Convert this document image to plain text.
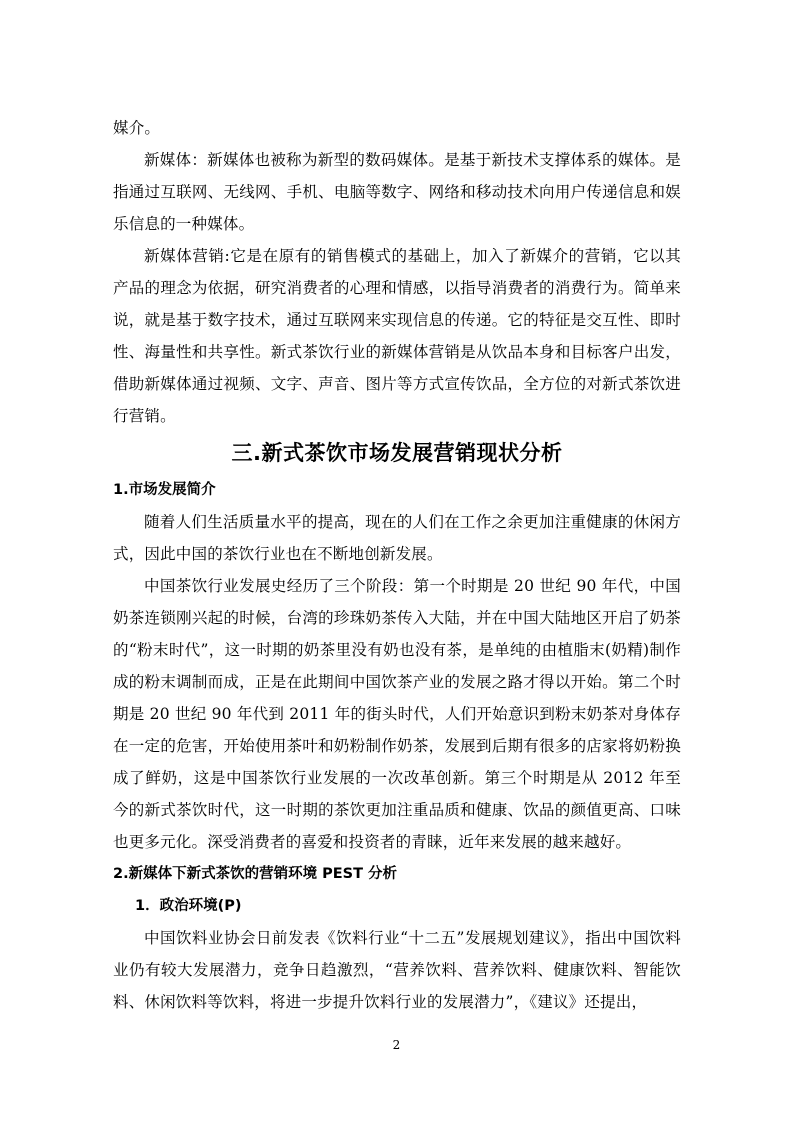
媒介。

新媒体：新媒体也被称为新型的数码媒体。是基于新技术支撑体系的媒体。是指通过互联网、无线网、手机、电脑等数字、网络和移动技术向用户传递信息和娱乐信息的一种媒体。

新媒体营销:它是在原有的销售模式的基础上，加入了新媒介的营销，它以其产品的理念为依据，研究消费者的心理和情感，以指导消费者的消费行为。简单来说，就是基于数字技术，通过互联网来实现信息的传递。它的特征是交互性、即时性、海量性和共享性。新式茶饮行业的新媒体营销是从饮品本身和目标客户出发，借助新媒体通过视频、文字、声音、图片等方式宣传饮品，全方位的对新式茶饮进行营销。

三.新式茶饮市场发展营销现状分析
1.市场发展简介

随着人们生活质量水平的提高，现在的人们在工作之余更加注重健康的休闲方式，因此中国的茶饮行业也在不断地创新发展。

中国茶饮行业发展史经历了三个阶段：第一个时期是 20 世纪 90 年代，中国奶茶连锁刚兴起的时候，台湾的珍珠奶茶传入大陆，并在中国大陆地区开启了奶茶的“粉末时代”，这一时期的奶茶里没有奶也没有茶，是单纯的由植脂末(奶精)制作成的粉末调制而成，正是在此期间中国饮茶产业的发展之路才得以开始。第二个时期是 20 世纪 90 年代到 2011 年的街头时代，人们开始意识到粉末奶茶对身体存在一定的危害，开始使用茶叶和奶粉制作奶茶，发展到后期有很多的店家将奶粉换成了鲜奶，这是中国茶饮行业发展的一次改革创新。第三个时期是从 2012 年至今的新式茶饮时代，这一时期的茶饮更加注重品质和健康、饮品的颜值更高、口味也更多元化。深受消费者的喜爱和投资者的青睐，近年来发展的越来越好。

2.新媒体下新式茶饮的营销环境 PEST 分析
1．政治环境(P)

中国饮料业协会日前发表《饮料行业“十二五”发展规划建议》，指出中国饮料业仍有较大发展潜力，竞争日趋激烈，“营养饮料、营养饮料、健康饮料、智能饮料、休闲饮料等饮料，将进一步提升饮料行业的发展潜力”，《建议》还提出，

2
